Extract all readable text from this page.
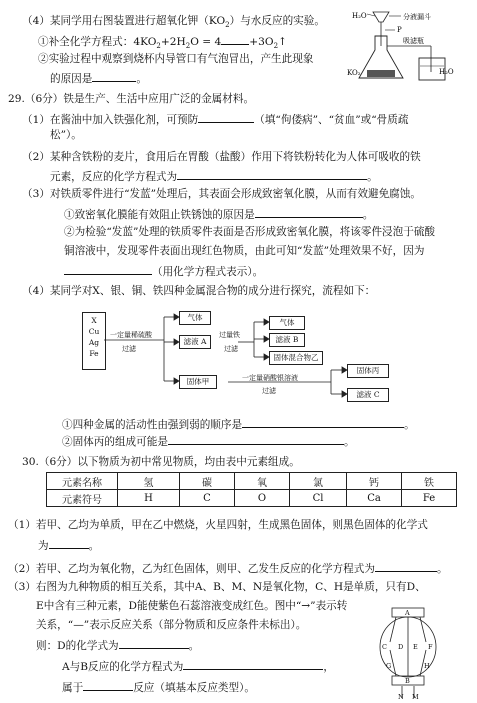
（4）某同学用右图装置进行超氧化钾$(KO_2)$与水反应的实验。
①补全化学方程式：$4KO_2+2H_2O = 4$	$+3O_2↑$
②实验过程中观察到烧杯内导管口有气泡冒出，产生此现象
的原因是	。
H₂O	分液漏斗
P
吸滤瓶
KO₂	H₂O
29.（6分）铁是生产、生活中应用广泛的金属材料。
（1）在酱油中加入铁强化剂，可预防	（填“佝偻病”、“贫血”或“骨质疏
松”）。
（2）某种含铁粉的麦片，食用后在胃酸（盐酸）作用下将铁粉转化为人体可吸收的铁
元素，反应的化学方程式为	。
（3）对铁质零件进行“发蓝”处理后，其表面会形成致密氧化膜，从而有效避免腐蚀。
①致密氧化膜能有效阻止铁锈蚀的原因是	。
②为检验“发蓝”处理的铁质零件表面是否形成致密氧化膜，将该零件浸泡于硫酸
铜溶液中，发现零件表面出现红色物质，由此可知“发蓝”处理效果不好，因为
（用化学方程式表示）。
（4）某同学对X、银、铜、铁四种金属混合物的成分进行探究，流程如下：
X
Cu
Ag
Fe
一定量稀硫酸
过滤
气体
滤液 A
过量铁
过滤
气体
滤液 B
固体混合物乙
固体甲	一定量硝酸银溶液
过滤
固体丙
滤液 C
①四种金属的活动性由强到弱的顺序是	。
②固体丙的组成可能是	。
30.（6分）以下物质为初中常见物质，均由表中元素组成。
元素名称	氢	碳	氧	氯	钙	铁
元素符号	H	C	O	Cl	Ca	Fe
（1）若甲、乙均为单质，甲在乙中燃烧，火星四射，生成黑色固体，则黑色固体的化学式
为	。
（2）若甲、乙均为氧化物，乙为红色固体，则甲、乙发生反应的化学方程式为	。
（3）右图为九种物质的相互关系，其中A、B、M、N是氧化物，C、H是单质，只有D、
E中含有三种元素，D能使紫色石蕊溶液变成红色。图中“→”表示转
关系，“—”表示反应关系（部分物质和反应条件未标出）。
则：D的化学式为	。
A与B反应的化学方程式为	，
属于	反应（填基本反应类型）。
A
B
C D E F
G	H
N M
